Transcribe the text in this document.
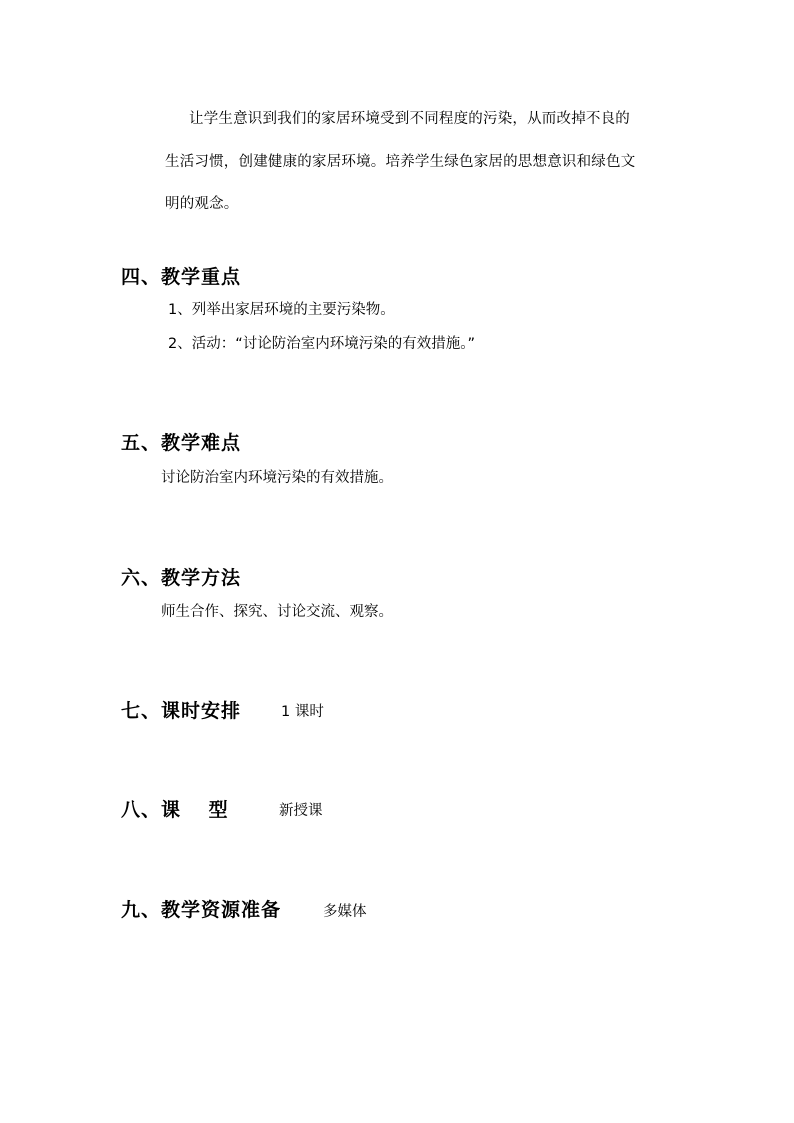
让学生意识到我们的家居环境受到不同程度的污染，从而改掉不良的
生活习惯，创建健康的家居环境。培养学生绿色家居的思想意识和绿色文
明的观念。
四、教学重点
1、列举出家居环境的主要污染物。
2、活动：“讨论防治室内环境污染的有效措施。”
五、教学难点
讨论防治室内环境污染的有效措施。
六、教学方法
师生合作、探究、讨论交流、观察。
七、课时安排	1 课时
八、课　 型	新授课
九、教学资源准备	多媒体
